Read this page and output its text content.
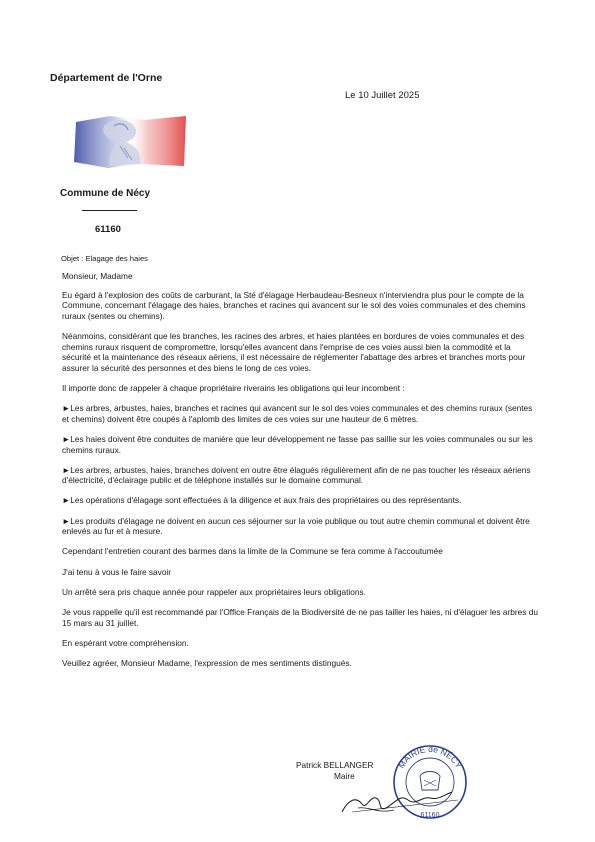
Département de l'Orne
Le 10 Juillet 2025
Commune de Nécy
61160
Objet : Elagage des haies

Monsieur, Madame

Eu égard à l'explosion des coûts de carburant, la Sté d'élagage Herbaudeau-Besneux n'interviendra plus pour le compte de la Commune, concernant l'élagage des haies, branches et racines qui avancent sur le sol des voies communales et des chemins ruraux (sentes ou chemins).

Néanmoins, considérant que les branches, les racines des arbres, et haies plantées en bordures de voies communales et des chemins ruraux risquent de compromettre, lorsqu'elles avancent dans l'emprise de ces voies aussi bien la commodité et la sécurité et la maintenance des réseaux aériens, il est nécessaire de réglementer l'abattage des arbres et branches morts pour assurer la sécurité des personnes et des biens le long de ces voies.

Il importe donc de rappeler à chaque propriétaire riverains les obligations qui leur incombent :

►Les arbres, arbustes, haies, branches et racines qui avancent sur le sol des voies communales et des chemins ruraux (sentes et chemins) doivent être coupés à l'aplomb des limites de ces voies sur une hauteur de 6 mètres.

►Les haies doivent être conduites de manière que leur développement ne fasse pas saillie sur les voies communales ou sur les chemins ruraux.

►Les arbres, arbustes, haies, branches doivent en outre être élagués régulièrement afin de ne pas toucher les réseaux aériens d'électricité, d'éclairage public et de téléphone installés sur le domaine communal.

►Les opérations d'élagage sont effectuées à la diligence et aux frais des propriétaires ou des représentants.

►Les produits d'élagage ne doivent en aucun ces séjourner sur la voie publique ou tout autre chemin communal et doivent être enlevés au fur et à mesure.

Cependant l'entretien courant des barmes dans la limite de la Commune se fera comme à l'accoutumée

J'ai tenu à vous le faire savoir

Un arrêté sera pris chaque année pour rappeler aux propriétaires leurs obligations.

Je vous rappelle qu'il est recommandé par l'Office Français de la Biodiversité de ne pas tailler les haies, ni d'élaguer les arbres du 15 mars au 31 juillet.

En espérant votre compréhension.

Veuillez agréer, Monsieur Madame, l'expression de mes sentiments distingués.

MAIRIE de NÉCY
61160
Patrick BELLANGER
Maire
